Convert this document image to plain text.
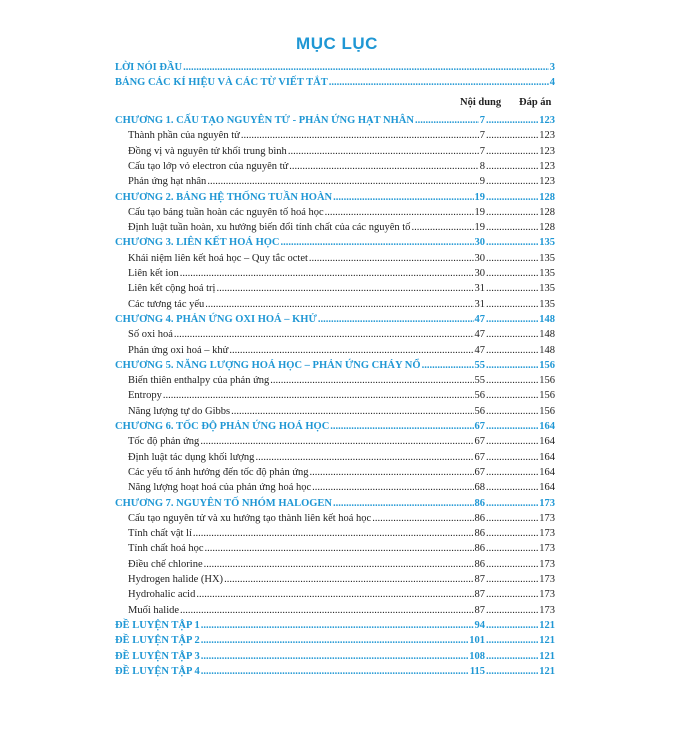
MỤC LỤC
LỜI NÓI ĐẦU .....	3
BẢNG CÁC KÍ HIỆU VÀ CÁC TỪ VIẾT TẮT .....	4
Nội dung Đáp án
CHƯƠNG 1. CẤU TẠO NGUYÊN TỬ - PHẢN ỨNG HẠT NHÂN .....	7 .....	123
Thành phần của nguyên tử .....	7 .....	123
Đồng vị và nguyên tử khối trung bình .....	7 .....	123
Cấu tạo lớp vỏ electron của nguyên tử .....	8 .....	123
Phản ứng hạt nhân .....	9 .....	123
CHƯƠNG 2. BẢNG HỆ THỐNG TUẦN HOÀN .....	19 .....	128
Cấu tạo bảng tuần hoàn các nguyên tố hoá học .....	19 .....	128
Định luật tuần hoàn, xu hướng biến đổi tính chất của các nguyên tố .....	19 .....	128
CHƯƠNG 3. LIÊN KẾT HOÁ HỌC .....	30 .....	135
Khái niệm liên kết hoá học – Quy tắc octet .....	30 .....	135
Liên kết ion .....	30 .....	135
Liên kết cộng hoá trị .....	31 .....	135
Các tương tác yếu .....	31 .....	135
CHƯƠNG 4. PHẢN ỨNG OXI HOÁ – KHỬ .....	47 .....	148
Số oxi hoá .....	47 .....	148
Phản ứng oxi hoá – khử .....	47 .....	148
CHƯƠNG 5. NĂNG LƯỢNG HOÁ HỌC – PHẢN ỨNG CHÁY NỔ .....	55 .....	156
Biến thiên enthalpy của phản ứng .....	55 .....	156
Entropy .....	56 .....	156
Năng lượng tự do Gibbs .....	56 .....	156
CHƯƠNG 6. TỐC ĐỘ PHẢN ỨNG HOÁ HỌC .....	67 .....	164
Tốc độ phản ứng .....	67 .....	164
Định luật tác dụng khối lượng .....	67 .....	164
Các yếu tố ảnh hưởng đến tốc độ phản ứng .....	67 .....	164
Năng lượng hoạt hoá của phản ứng hoá học .....	68 .....	164
CHƯƠNG 7. NGUYÊN TỐ NHÓM HALOGEN .....	86 .....	173
Cấu tạo nguyên tử và xu hướng tạo thành liên kết hoá học .....	86 .....	173
Tính chất vật lí .....	86 .....	173
Tính chất hoá học .....	86 .....	173
Điều chế chlorine .....	86 .....	173
Hydrogen halide (HX) .....	87 .....	173
Hydrohalic acid .....	87 .....	173
Muối halide .....	87 .....	173
ĐỀ LUYỆN TẬP 1 .....	94 .....	121
ĐỀ LUYỆN TẬP 2 .....	101 .....	121
ĐỀ LUYỆN TẬP 3 .....	108 .....	121
ĐỀ LUYỆN TẬP 4 .....	115 .....	121
